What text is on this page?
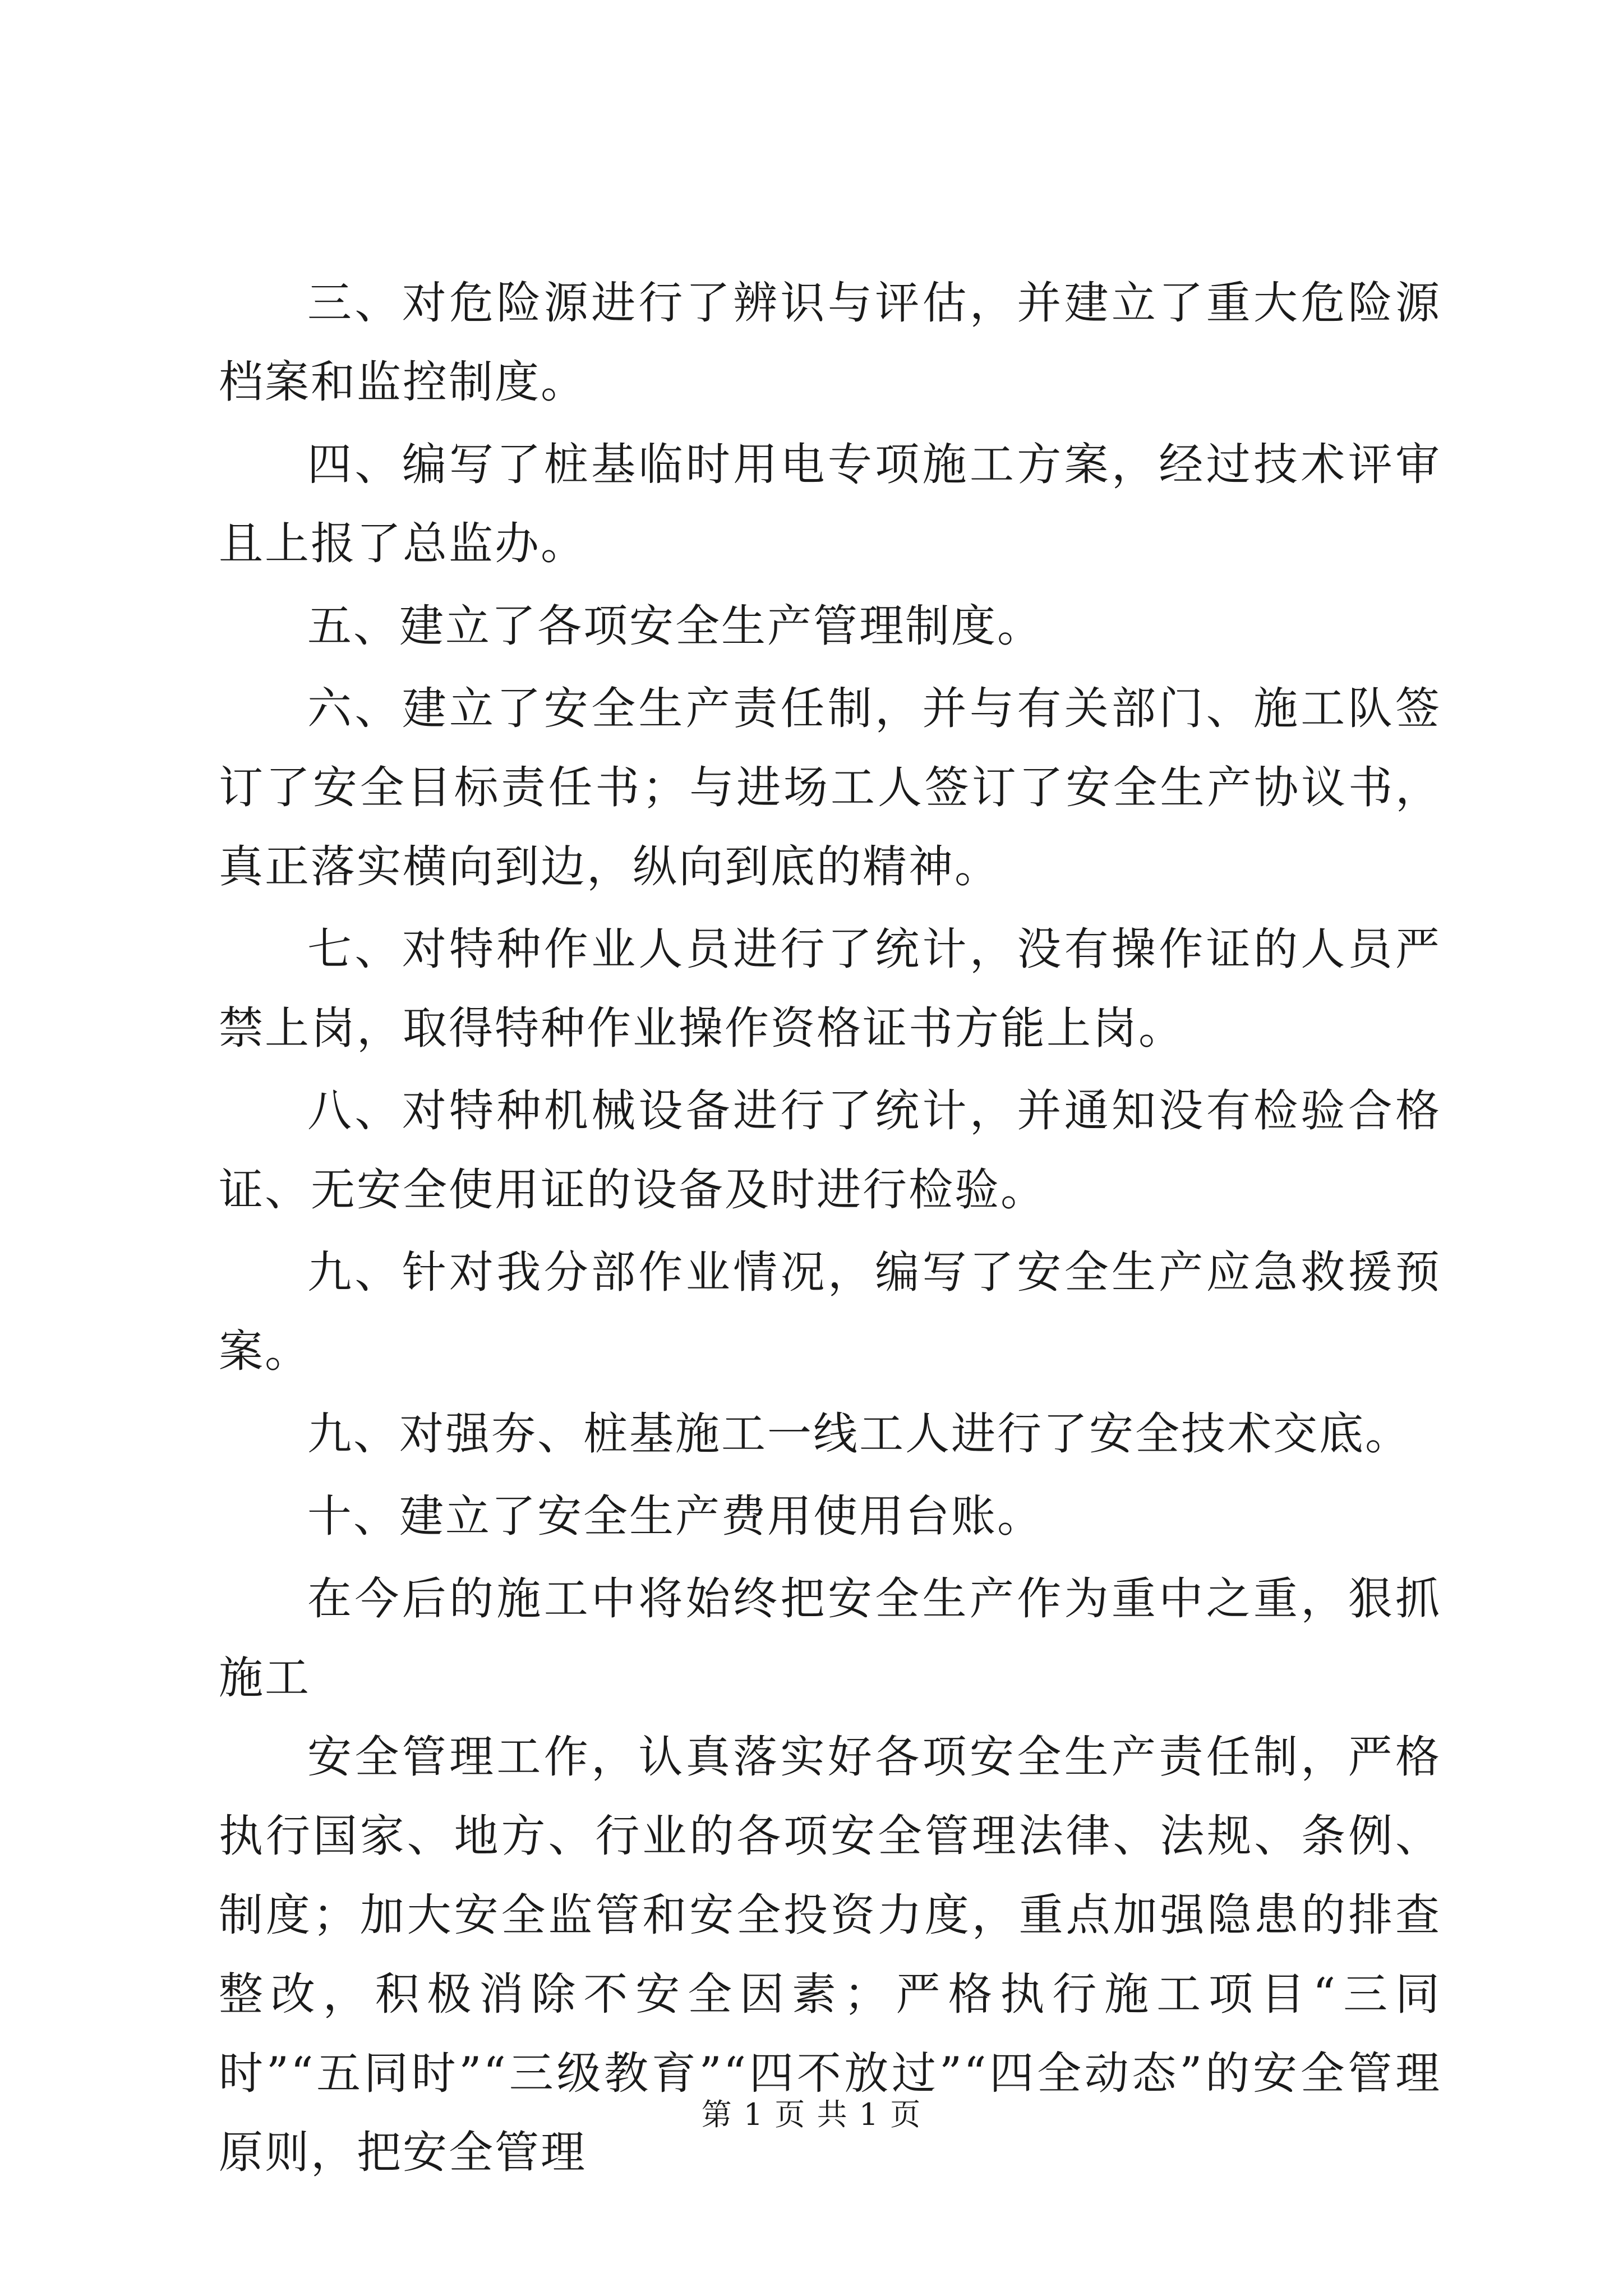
三、对危险源进行了辨识与评估，并建立了重大危险源档案和监控制度。

四、编写了桩基临时用电专项施工方案，经过技术评审且上报了总监办。

五、建立了各项安全生产管理制度。

六、建立了安全生产责任制，并与有关部门、施工队签订了安全目标责任书；与进场工人签订了安全生产协议书，真正落实横向到边，纵向到底的精神。

七、对特种作业人员进行了统计，没有操作证的人员严禁上岗，取得特种作业操作资格证书方能上岗。

八、对特种机械设备进行了统计，并通知没有检验合格证、无安全使用证的设备及时进行检验。

九、针对我分部作业情况，编写了安全生产应急救援预案。

九、对强夯、桩基施工一线工人进行了安全技术交底。

十、建立了安全生产费用使用台账。

在今后的施工中将始终把安全生产作为重中之重，狠抓施工

安全管理工作，认真落实好各项安全生产责任制，严格执行国家、地方、行业的各项安全管理法律、法规、条例、制度；加大安全监管和安全投资力度，重点加强隐患的排查整改，积极消除不安全因素；严格执行施工项目“三同时”“五同时”“三级教育”“四不放过”“四全动态”的安全管理原则，把安全管理

第 1 页 共 1 页
